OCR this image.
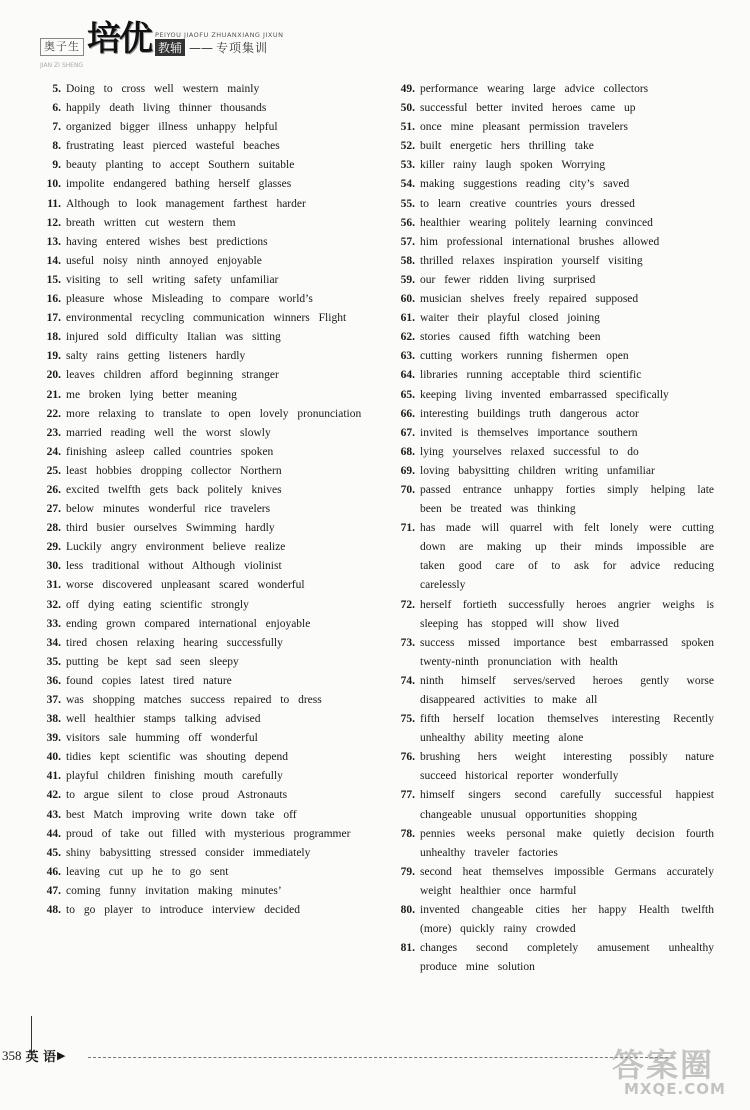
JIAN ZI SHENG
奥子生 培优 PEIYOU JIAOFU ZHUANXIANG JIXUN
教辅 —— 专项集训
5. Doing to cross well western mainly
6. happily death living thinner thousands
7. organized bigger illness unhappy helpful
8. frustrating least pierced wasteful beaches
9. beauty planting to accept Southern suitable
10. impolite endangered bathing herself glasses
11. Although to look management farthest harder
12. breath written cut western them
13. having entered wishes best predictions
14. useful noisy ninth annoyed enjoyable
15. visiting to sell writing safety unfamiliar
16. pleasure whose Misleading to compare world’s
17. environmental recycling communication winners Flight
18. injured sold difficulty Italian was sitting
19. salty rains getting listeners hardly
20. leaves children afford beginning stranger
21. me broken lying better meaning
22. more relaxing to translate to open lovely pronunciation
23. married reading well the worst slowly
24. finishing asleep called countries spoken
25. least hobbies dropping collector Northern
26. excited twelfth gets back politely knives
27. below minutes wonderful rice travelers
28. third busier ourselves Swimming hardly
29. Luckily angry environment believe realize
30. less traditional without Although violinist
31. worse discovered unpleasant scared wonderful
32. off dying eating scientific strongly
33. ending grown compared international enjoyable
34. tired chosen relaxing hearing successfully
35. putting be kept sad seen sleepy
36. found copies latest tired nature
37. was shopping matches success repaired to dress
38. well healthier stamps talking advised
39. visitors sale humming off wonderful
40. tidies kept scientific was shouting depend
41. playful children finishing mouth carefully
42. to argue silent to close proud Astronauts
43. best Match improving write down take off
44. proud of take out filled with mysterious programmer
45. shiny babysitting stressed consider immediately
46. leaving cut up he to go sent
47. coming funny invitation making minutes’
48. to go player to introduce interview decided
49. performance wearing large advice collectors
50. successful better invited heroes came up
51. once mine pleasant permission travelers
52. built energetic hers thrilling take
53. killer rainy laugh spoken Worrying
54. making suggestions reading city’s saved
55. to learn creative countries yours dressed
56. healthier wearing politely learning convinced
57. him professional international brushes allowed
58. thrilled relaxes inspiration yourself visiting
59. our fewer ridden living surprised
60. musician shelves freely repaired supposed
61. waiter their playful closed joining
62. stories caused fifth watching been
63. cutting workers running fishermen open
64. libraries running acceptable third scientific
65. keeping living invented embarrassed specifically
66. interesting buildings truth dangerous actor
67. invited is themselves importance southern
68. lying yourselves relaxed successful to do
69. loving babysitting children writing unfamiliar
70. passed entrance unhappy forties simply helping late been be treated was thinking
71. has made will quarrel with felt lonely were cutting down are making up their minds impossible are taken good care of to ask for advice reducing carelessly
72. herself fortieth successfully heroes angrier weighs is sleeping has stopped will show lived
73. success missed importance best embarrassed spoken twenty-ninth pronunciation with health
74. ninth himself serves/served heroes gently worse disappeared activities to make all
75. fifth herself location themselves interesting Recently unhealthy ability meeting alone
76. brushing hers weight interesting possibly nature succeed historical reporter wonderfully
77. himself singers second carefully successful happiest changeable unusual opportunities shopping
78. pennies weeks personal make quietly decision fourth unhealthy traveler factories
79. second heat themselves impossible Germans accurately weight healthier once harmful
80. invented changeable cities her happy Health twelfth (more) quickly rainy crowded
81. changes second completely amusement unhealthy produce mine solution
358 英 语 ▶	答案圈
MXQE.COM
